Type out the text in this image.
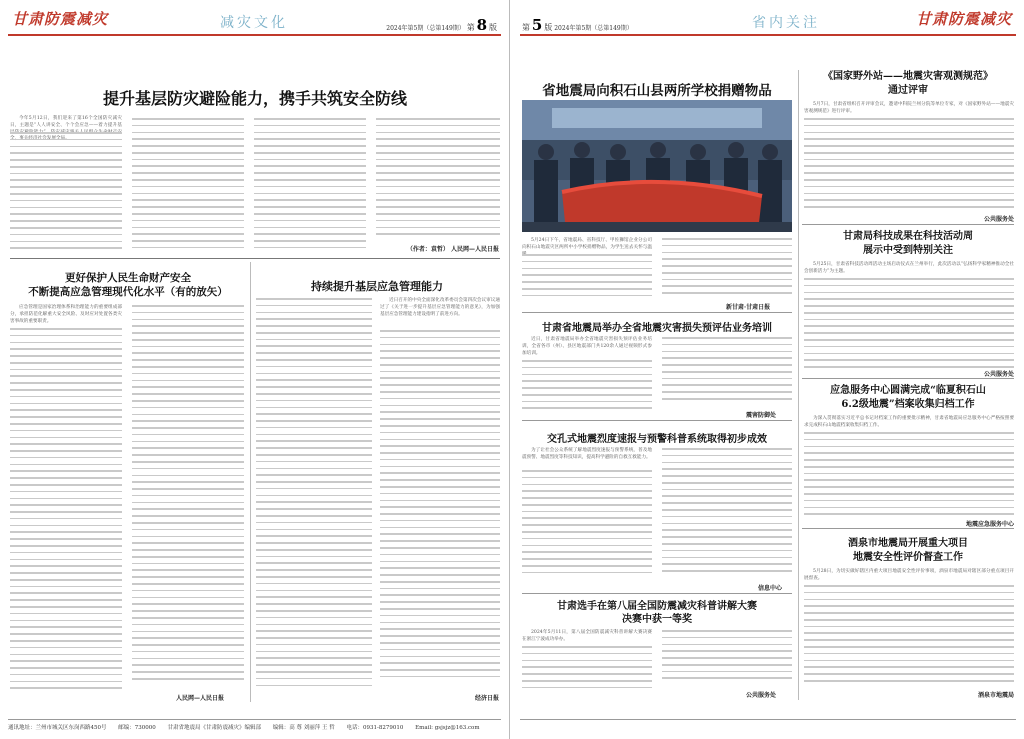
甘肃防震减灾	减灾文化	2024年第5期（总第149期） 第 8 版
提升基层防灾避险能力，携手共筑安全防线

今年5月12日，我们迎来了第16个全国防灾减灾日，主题是“人人讲安全、个个会应急——着力提升基

（作者：袁哲） 人民网—人民日报
更好保护人民生命财产安全
不断提高应急管理现代化水平（有的放矢）

应急管理是国家治理体系和治理能力的重要组成部分，承担防范化解重大安全风险、及时应对处置各类灾害事故的重要职责。

人民网—人民日报
持续提升基层应急管理能力

近日召开的中央全面深化改革委员会第四次会议审议通过了《关于进一步提升基层应急管理能力的意见》，为加强基层应急管理能力建设指明了前进方向。

经济日报
通讯地址：兰州市城关区东岗西路450号 邮编：730000 甘肃省地震局《甘肃防震减灾》编辑部 编辑：高 尊 刘丽萍 王 哲 电话：0931-8279010 Email: gsjsjz@163.com
第 5 版 2024年第5期（总第149期）	省内关注	甘肃防震减灾
省地震局向积石山县两所学校捐赠物品

5月24日下午，省地震局、省科技厅、甲佐狮馆企业分公司向积石山地震灾区两所中小学校捐赠物品，为学生送去关怀与温

新甘肃·甘肃日报
甘肃省地震局举办全省地震灾害损失预评估业务培训

近日，甘肃省地震局举办全省地震灾害损失预评估业务培训，全省各市（州）、县区地震部门共120余人通过视频形式参加培训。

震害防御处
交孔式地震烈度速报与预警科普系统取得初步成效

为了让社会公众系统了解地震烈度速报与预警系统，普及地震预警、地震烈度等科技知识，提高科学避险的自救互救能力。

信息中心
甘肃选手在第八届全国防震减灾科普讲解大赛
决赛中获一等奖

2024年5月11日，第八届全国防震减灾科普讲解大赛决赛在浙江宁波成功举办。

公共服务处
《国家野外站——地震灾害观测规范》
通过评审

5月7日，甘肃省组织召开评审会议，邀请中科院兰州分院等单位专家，对《国家野外站——地震灾害观测规范》进行评审。

公共服务处
甘肃局科技成果在科技活动周
展示中受到特别关注

5月25日，甘肃省科技活动周活动主场启动仪式在兰州举行，此次活动以“弘扬科学家精神推动全社会创新活力”为主题。

公共服务处
应急服务中心圆满完成“临夏积石山
6.2级地震”档案收集归档工作

为深入贯彻落实习近平总书记对档案工作的重要批示精神，甘肃省地震局应急服务中心严格按照要求完成积石山地震档案收集归档工作。

地震应急服务中心
酒泉市地震局开展重大项目
地震安全性评价督查工作

5月28日，为切实做好辖区内重大项目地震安全性评价事项，酒泉市地震局对辖区部分重点项目开展督查。

酒泉市地震局
